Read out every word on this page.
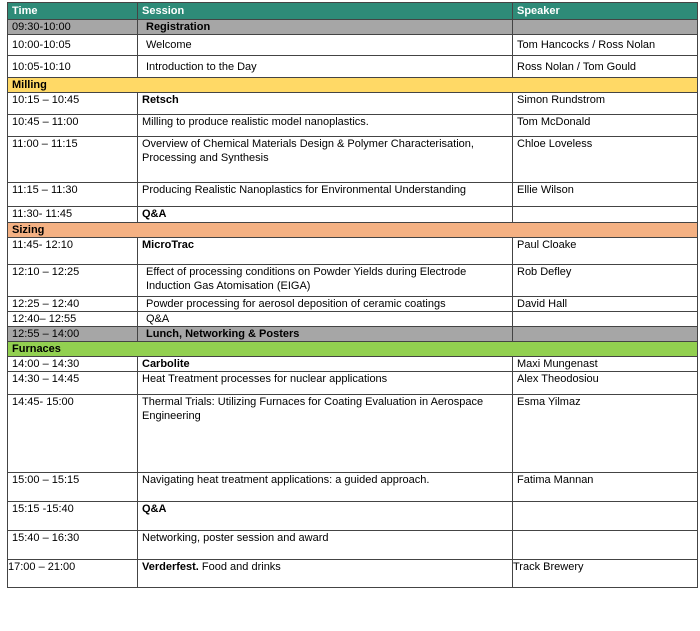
Time	Session	Speaker
09:30-10:00	Registration	
10:00-10:05	Welcome	Tom Hancocks / Ross Nolan
10:05-10:10	Introduction to the Day	Ross Nolan / Tom Gould
Milling		
10:15 – 10:45	Retsch	Simon Rundstrom
10:45 – 11:00	Milling to produce realistic model nanoplastics.	Tom McDonald
11:00 – 11:15	Overview of Chemical Materials Design & Polymer Characterisation, Processing and Synthesis	Chloe Loveless
11:15 – 11:30	Producing Realistic Nanoplastics for Environmental Understanding	Ellie Wilson
11:30- 11:45	Q&A	
Sizing		
11:45- 12:10	MicroTrac	Paul Cloake
12:10 – 12:25	Effect of processing conditions on Powder Yields during Electrode Induction Gas Atomisation (EIGA)	Rob Defley
12:25 – 12:40	Powder processing for aerosol deposition of ceramic coatings	David Hall
12:40– 12:55	Q&A	
12:55 – 14:00	Lunch, Networking & Posters	
Furnaces		
14:00 – 14:30	Carbolite	Maxi Mungenast
14:30 – 14:45	Heat Treatment processes for nuclear applications	Alex Theodosiou
14:45- 15:00	Thermal Trials: Utilizing Furnaces for Coating Evaluation in Aerospace Engineering	Esma Yilmaz
15:00 – 15:15	Navigating heat treatment applications: a guided approach.	Fatima Mannan
15:15 -15:40	Q&A	
15:40 – 16:30	Networking, poster session and award	
17:00 – 21:00	Verderfest. Food and drinks	Track Brewery
